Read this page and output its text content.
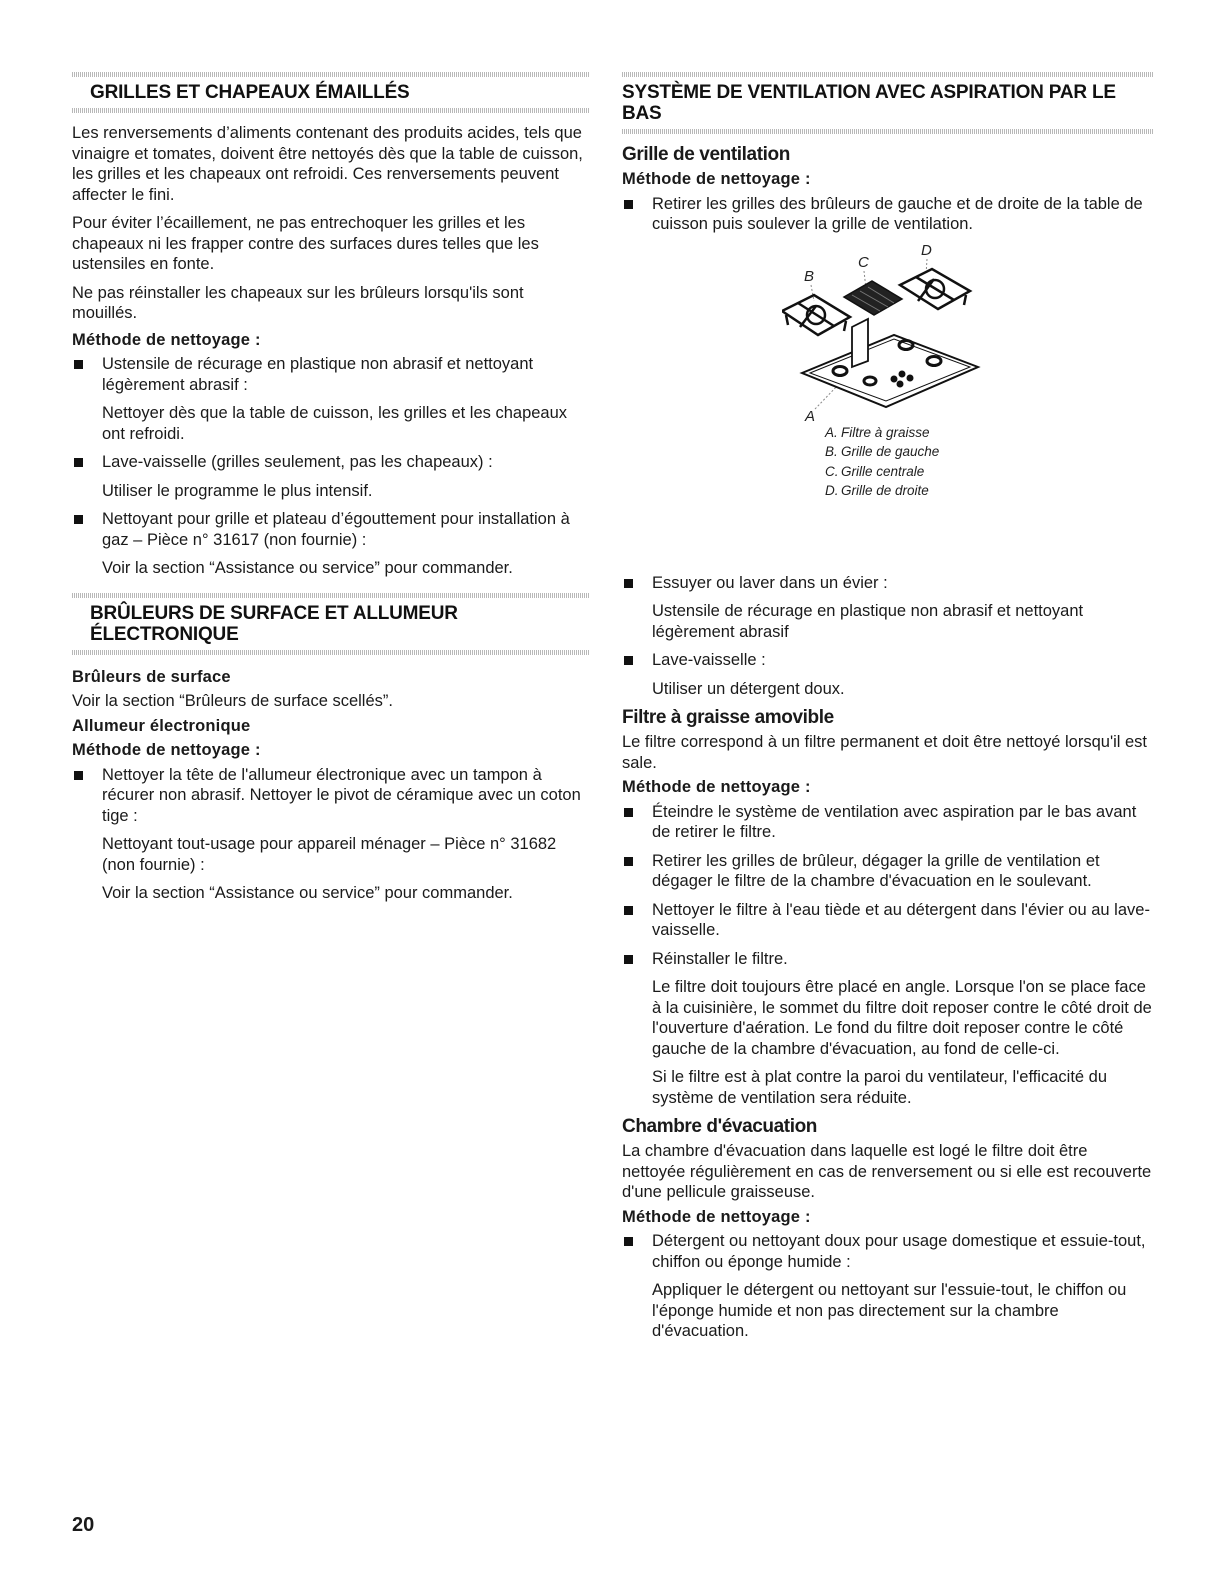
GRILLES ET CHAPEAUX ÉMAILLÉS

Les renversements d’aliments contenant des produits acides, tels que vinaigre et tomates, doivent être nettoyés dès que la table de cuisson, les grilles et les chapeaux ont refroidi. Ces renversements peuvent affecter le fini.

Pour éviter l’écaillement, ne pas entrechoquer les grilles et les chapeaux ni les frapper contre des surfaces dures telles que les ustensiles en fonte.

Ne pas réinstaller les chapeaux sur les brûleurs lorsqu'ils sont mouillés.

Méthode de nettoyage :

Ustensile de récurage en plastique non abrasif et nettoyant légèrement abrasif :

Nettoyer dès que la table de cuisson, les grilles et les chapeaux ont refroidi.

Lave-vaisselle (grilles seulement, pas les chapeaux) :

Utiliser le programme le plus intensif.

Nettoyant pour grille et plateau d’égouttement pour installation à gaz – Pièce n° 31617 (non fournie) :

Voir la section “Assistance ou service” pour commander.

BRÛLEURS DE SURFACE ET ALLUMEUR
ÉLECTRONIQUE
Brûleurs de surface

Voir la section “Brûleurs de surface scellés”.

Allumeur électronique
Méthode de nettoyage :

Nettoyer la tête de l'allumeur électronique avec un tampon à récurer non abrasif. Nettoyer le pivot de céramique avec un coton tige :

Nettoyant tout-usage pour appareil ménager – Pièce n° 31682 (non fournie) :

Voir la section “Assistance ou service” pour commander.

SYSTÈME DE VENTILATION AVEC ASPIRATION PAR LE
BAS
Grille de ventilation
Méthode de nettoyage :

Retirer les grilles des brûleurs de gauche et de droite de la table de cuisson puis soulever la grille de ventilation.

B
C
D
A
A. Filtre à graisse
B. Grille de gauche
C. Grille centrale
D. Grille de droite

Essuyer ou laver dans un évier :

Ustensile de récurage en plastique non abrasif et nettoyant légèrement abrasif

Lave-vaisselle :

Utiliser un détergent doux.

Filtre à graisse amovible

Le filtre correspond à un filtre permanent et doit être nettoyé lorsqu'il est sale.

Méthode de nettoyage :

Éteindre le système de ventilation avec aspiration par le bas avant de retirer le filtre.

Retirer les grilles de brûleur, dégager la grille de ventilation et dégager le filtre de la chambre d'évacuation en le soulevant.

Nettoyer le filtre à l'eau tiède et au détergent dans l'évier ou au lave-vaisselle.

Réinstaller le filtre.

Le filtre doit toujours être placé en angle. Lorsque l'on se place face à la cuisinière, le sommet du filtre doit reposer contre le côté droit de l'ouverture d'aération. Le fond du filtre doit reposer contre le côté gauche de la chambre d'évacuation, au fond de celle-ci.

Si le filtre est à plat contre la paroi du ventilateur, l'efficacité du système de ventilation sera réduite.

Chambre d'évacuation

La chambre d'évacuation dans laquelle est logé le filtre doit être nettoyée régulièrement en cas de renversement ou si elle est recouverte d'une pellicule graisseuse.

Méthode de nettoyage :

Détergent ou nettoyant doux pour usage domestique et essuie-tout, chiffon ou éponge humide :

Appliquer le détergent ou nettoyant sur l'essuie-tout, le chiffon ou l'éponge humide et non pas directement sur la chambre d'évacuation.

20
